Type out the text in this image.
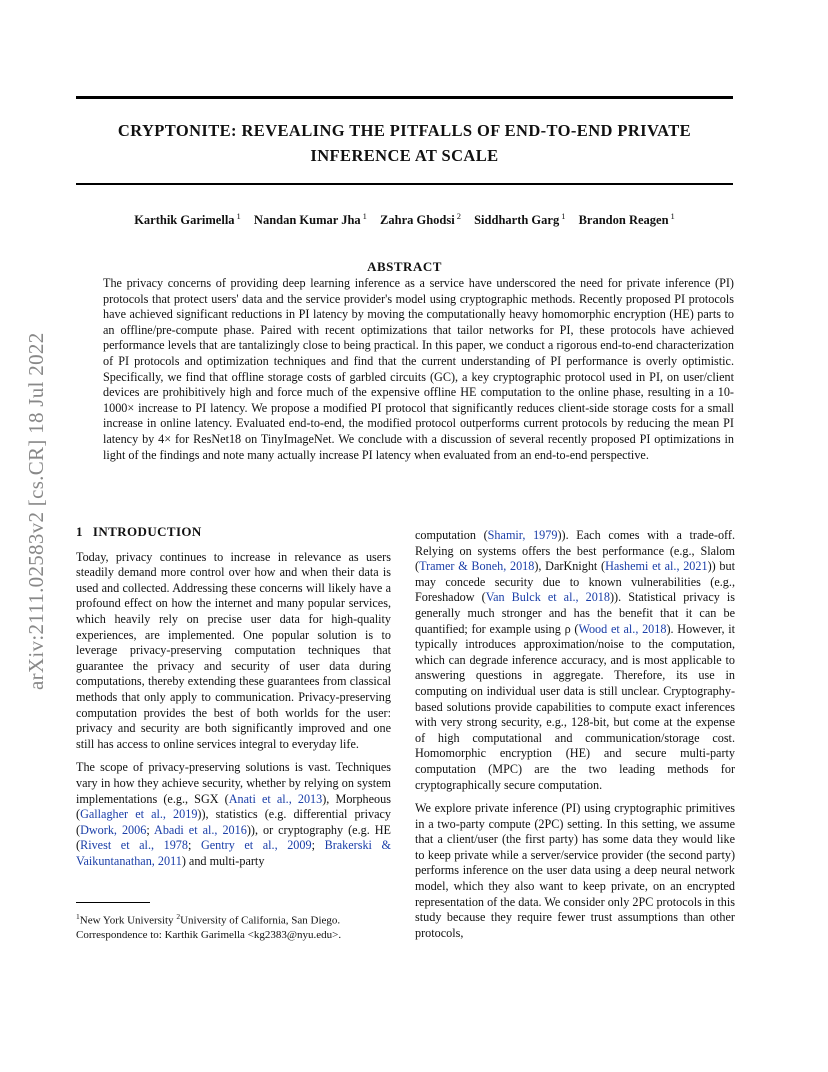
CRYPTONITE: REVEALING THE PITFALLS OF END-TO-END PRIVATE
INFERENCE AT SCALE
Karthik Garimella $^1$ Nandan Kumar Jha $^1$ Zahra Ghodsi $^2$ Siddharth Garg $^1$ Brandon Reagen $^1$
ABSTRACT
The privacy concerns of providing deep learning inference as a service have underscored the need for private inference (PI) protocols that protect users' data and the service provider's model using cryptographic methods. Recently proposed PI protocols have achieved significant reductions in PI latency by moving the computationally heavy homomorphic encryption (HE) parts to an offline/pre-compute phase. Paired with recent optimizations that tailor networks for PI, these protocols have achieved performance levels that are tantalizingly close to being practical. In this paper, we conduct a rigorous end-to-end characterization of PI protocols and optimization techniques and find that the current understanding of PI performance is overly optimistic. Specifically, we find that offline storage costs of garbled circuits (GC), a key cryptographic protocol used in PI, on user/client devices are prohibitively high and force much of the expensive offline HE computation to the online phase, resulting in a 10-1000× increase to PI latency. We propose a modified PI protocol that significantly reduces client-side storage costs for a small increase in online latency. Evaluated end-to-end, the modified protocol outperforms current protocols by reducing the mean PI latency by 4× for ResNet18 on TinyImageNet. We conclude with a discussion of several recently proposed PI optimizations in light of the findings and note many actually increase PI latency when evaluated from an end-to-end perspective.
arXiv:2111.02583v2 [cs.CR] 18 Jul 2022	1 INTRODUCTION

Today, privacy continues to increase in relevance as users steadily demand more control over how and when their data is used and collected. Addressing these concerns will likely have a profound effect on how the internet and many popular services, which heavily rely on precise user data for high-quality experiences, are implemented. One popular solution is to leverage privacy-preserving computation techniques that guarantee the privacy and security of user data during computations, thereby extending these guarantees from classical methods that only apply to communication. Privacy-preserving computation provides the best of both worlds for the user: privacy and security are both significantly improved and one still has access to online services integral to everyday life.

The scope of privacy-preserving solutions is vast. Techniques vary in how they achieve security, whether by relying on system implementations (e.g., SGX (Anati et al., 2013), Morpheous (Gallagher et al., 2019)), statistics (e.g. differential privacy (Dwork, 2006; Abadi et al., 2016)), or cryptography (e.g. HE (Rivest et al., 1978; Gentry et al., 2009; Brakerski & Vaikuntanathan, 2011) and multi-party

$^1$New York University $^2$University of California, San Diego.
Correspondence to: Karthik Garimella <kg2383@nyu.edu>.

computation (Shamir, 1979)). Each comes with a trade-off. Relying on systems offers the best performance (e.g., Slalom (Tramer & Boneh, 2018), DarKnight (Hashemi et al., 2021)) but may concede security due to known vulnerabilities (e.g., Foreshadow (Van Bulck et al., 2018)). Statistical privacy is generally much stronger and has the benefit that it can be quantified; for example using ρ (Wood et al., 2018). However, it typically introduces approximation/noise to the computation, which can degrade inference accuracy, and is most applicable to answering questions in aggregate. Therefore, its use in computing on individual user data is still unclear. Cryptography-based solutions provide capabilities to compute exact inferences with very strong security, e.g., 128-bit, but come at the expense of high computational and communication/storage cost. Homomorphic encryption (HE) and secure multi-party computation (MPC) are the two leading methods for cryptographically secure computation.

We explore private inference (PI) using cryptographic primitives in a two-party compute (2PC) setting. In this setting, we assume that a client/user (the first party) has some data they would like to keep private while a server/service provider (the second party) performs inference on the user data using a deep neural network model, which they also want to keep private, on an encrypted representation of the data. We consider only 2PC protocols in this study because they require fewer trust assumptions than other protocols,
